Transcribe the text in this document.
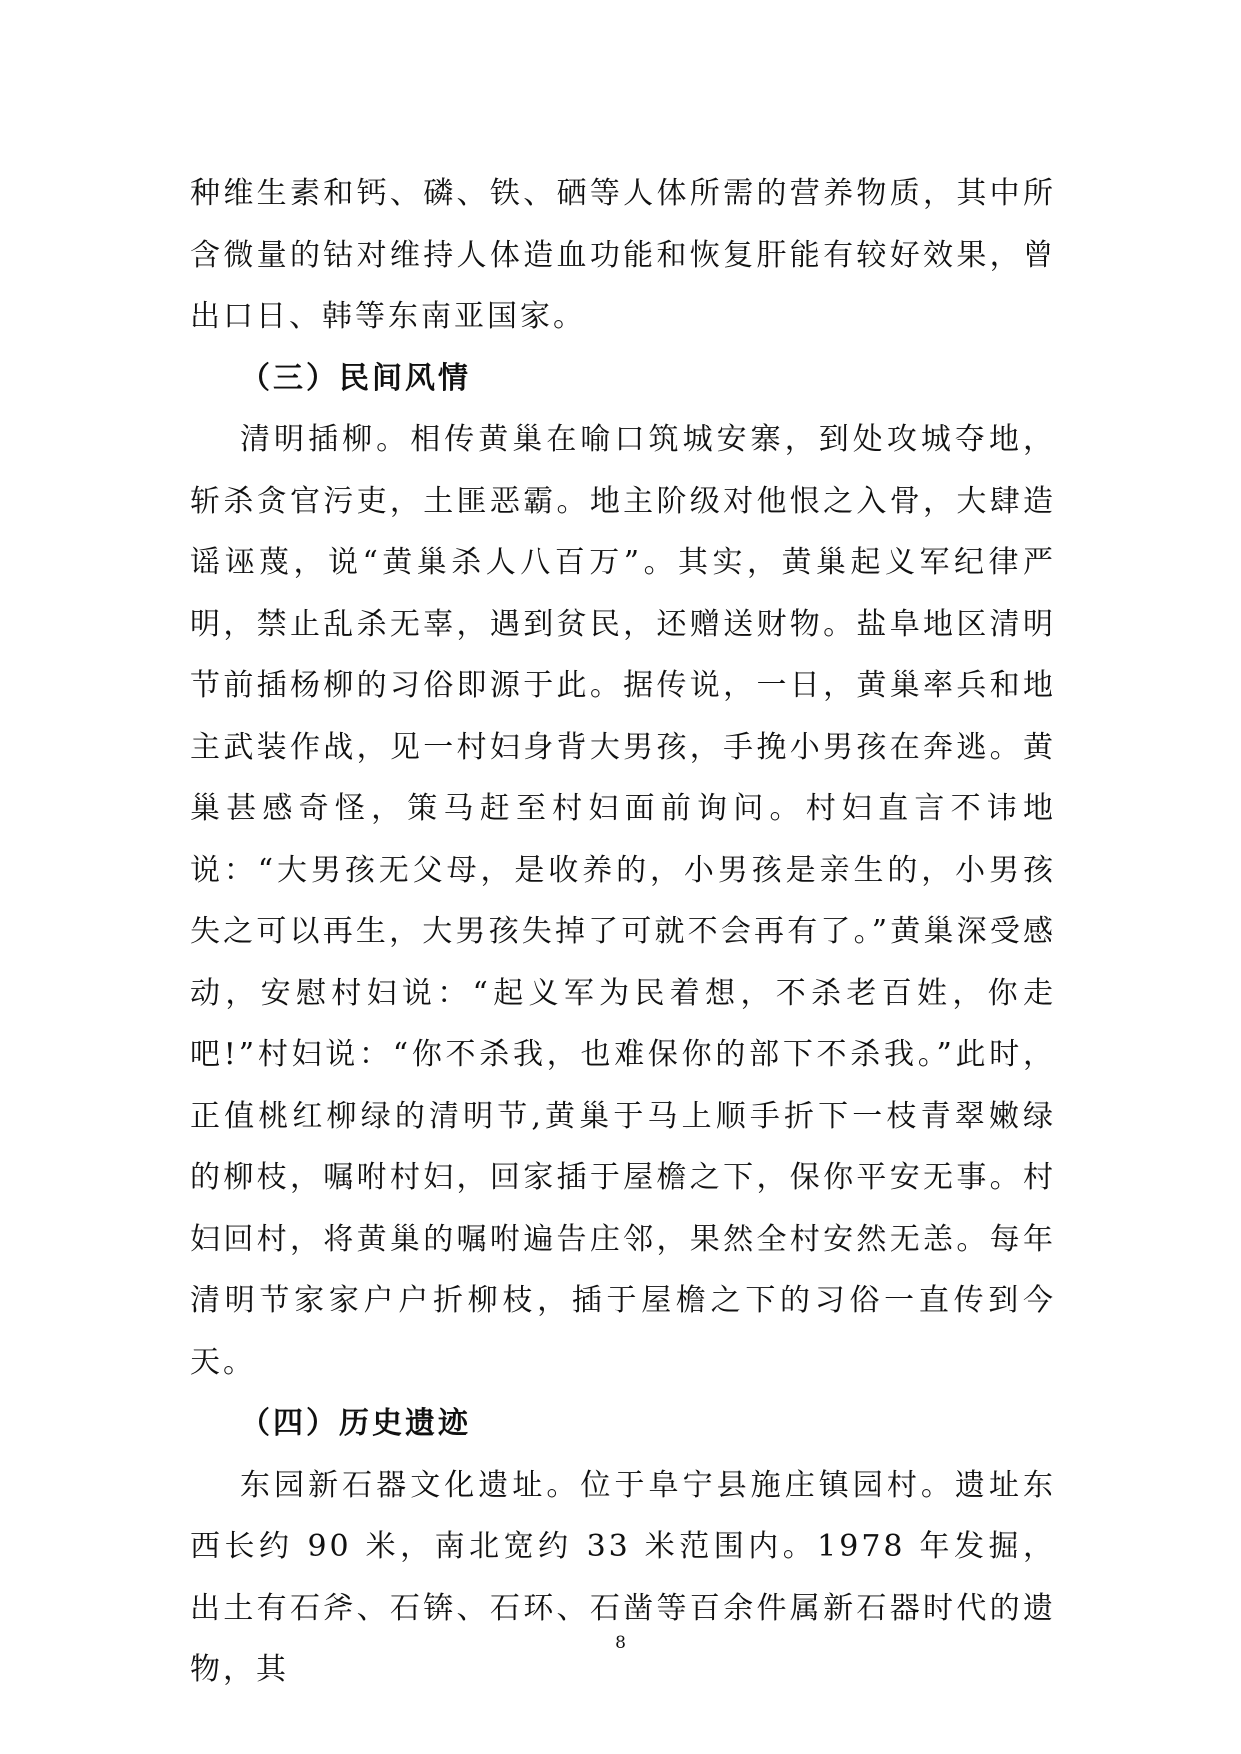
种维生素和钙、磷、铁、硒等人体所需的营养物质，其中所含微量的钴对维持人体造血功能和恢复肝能有较好效果，曾出口日、韩等东南亚国家。

（三）民间风情

清明插柳。相传黄巢在喻口筑城安寨，到处攻城夺地，斩杀贪官污吏，土匪恶霸。地主阶级对他恨之入骨，大肆造谣诬蔑，说“黄巢杀人八百万”。其实，黄巢起义军纪律严明，禁止乱杀无辜，遇到贫民，还赠送财物。盐阜地区清明节前插杨柳的习俗即源于此。据传说，一日，黄巢率兵和地主武装作战，见一村妇身背大男孩，手挽小男孩在奔逃。黄巢甚感奇怪，策马赶至村妇面前询问。村妇直言不讳地说：“大男孩无父母，是收养的，小男孩是亲生的，小男孩失之可以再生，大男孩失掉了可就不会再有了。”黄巢深受感动，安慰村妇说：“起义军为民着想，不杀老百姓，你走吧!”村妇说：“你不杀我，也难保你的部下不杀我。”此时，正值桃红柳绿的清明节,黄巢于马上顺手折下一枝青翠嫩绿的柳枝，嘱咐村妇，回家插于屋檐之下，保你平安无事。村妇回村，将黄巢的嘱咐遍告庄邻，果然全村安然无恙。每年清明节家家户户折柳枝，插于屋檐之下的习俗一直传到今天。

（四）历史遗迹

东园新石器文化遗址。位于阜宁县施庄镇园村。遗址东西长约 90 米，南北宽约 33 米范围内。1978 年发掘，出土有石斧、石锛、石环、石凿等百余件属新石器时代的遗物，其

8
